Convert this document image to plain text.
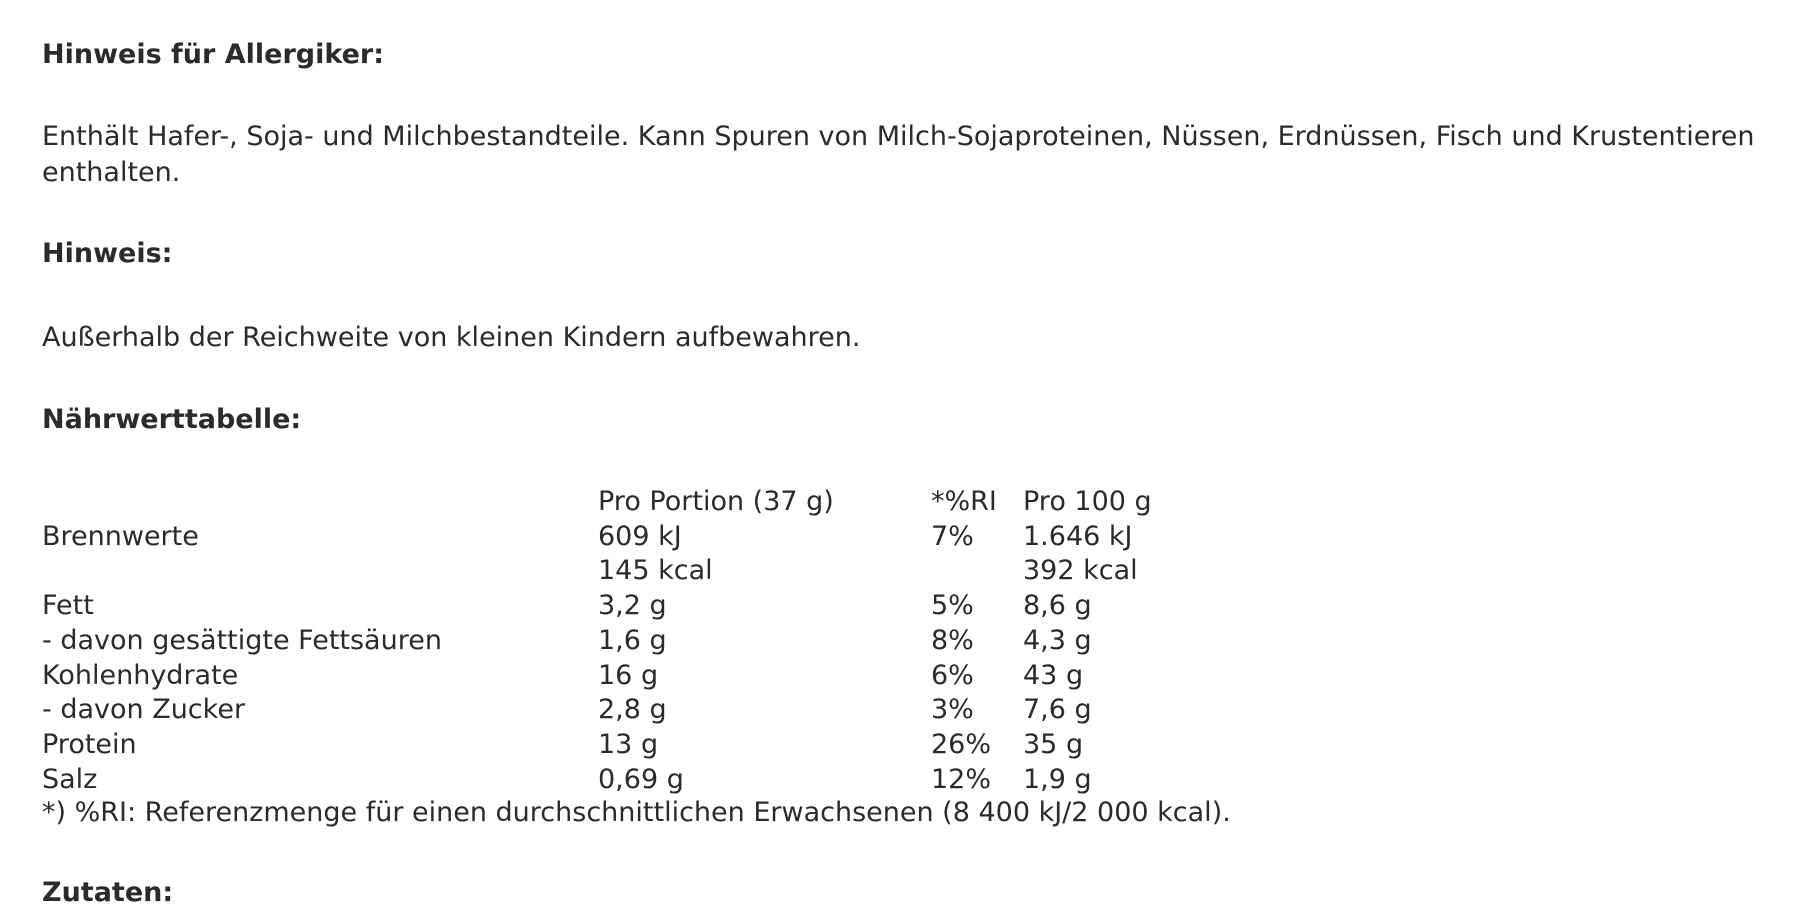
Hinweis für Allergiker:
Enthält Hafer-, Soja- und Milchbestandteile. Kann Spuren von Milch-Sojaproteinen, Nüssen, Erdnüssen, Fisch und Krustentieren enthalten.
Hinweis:
Außerhalb der Reichweite von kleinen Kindern aufbewahren.
Nährwerttabelle:
	Pro Portion (37 g)	*%RI	Pro 100 g
Brennwerte	609 kJ	7%	1.646 kJ
	145 kcal		392 kcal
Fett	3,2 g	5%	8,6 g
- davon gesättigte Fettsäuren	1,6 g	8%	4,3 g
Kohlenhydrate	16 g	6%	43 g
- davon Zucker	2,8 g	3%	7,6 g
Protein	13 g	26%	35 g
Salz	0,69 g	12%	1,9 g
*) %RI: Referenzmenge für einen durchschnittlichen Erwachsenen (8 400 kJ/2 000 kcal).
Zutaten:
